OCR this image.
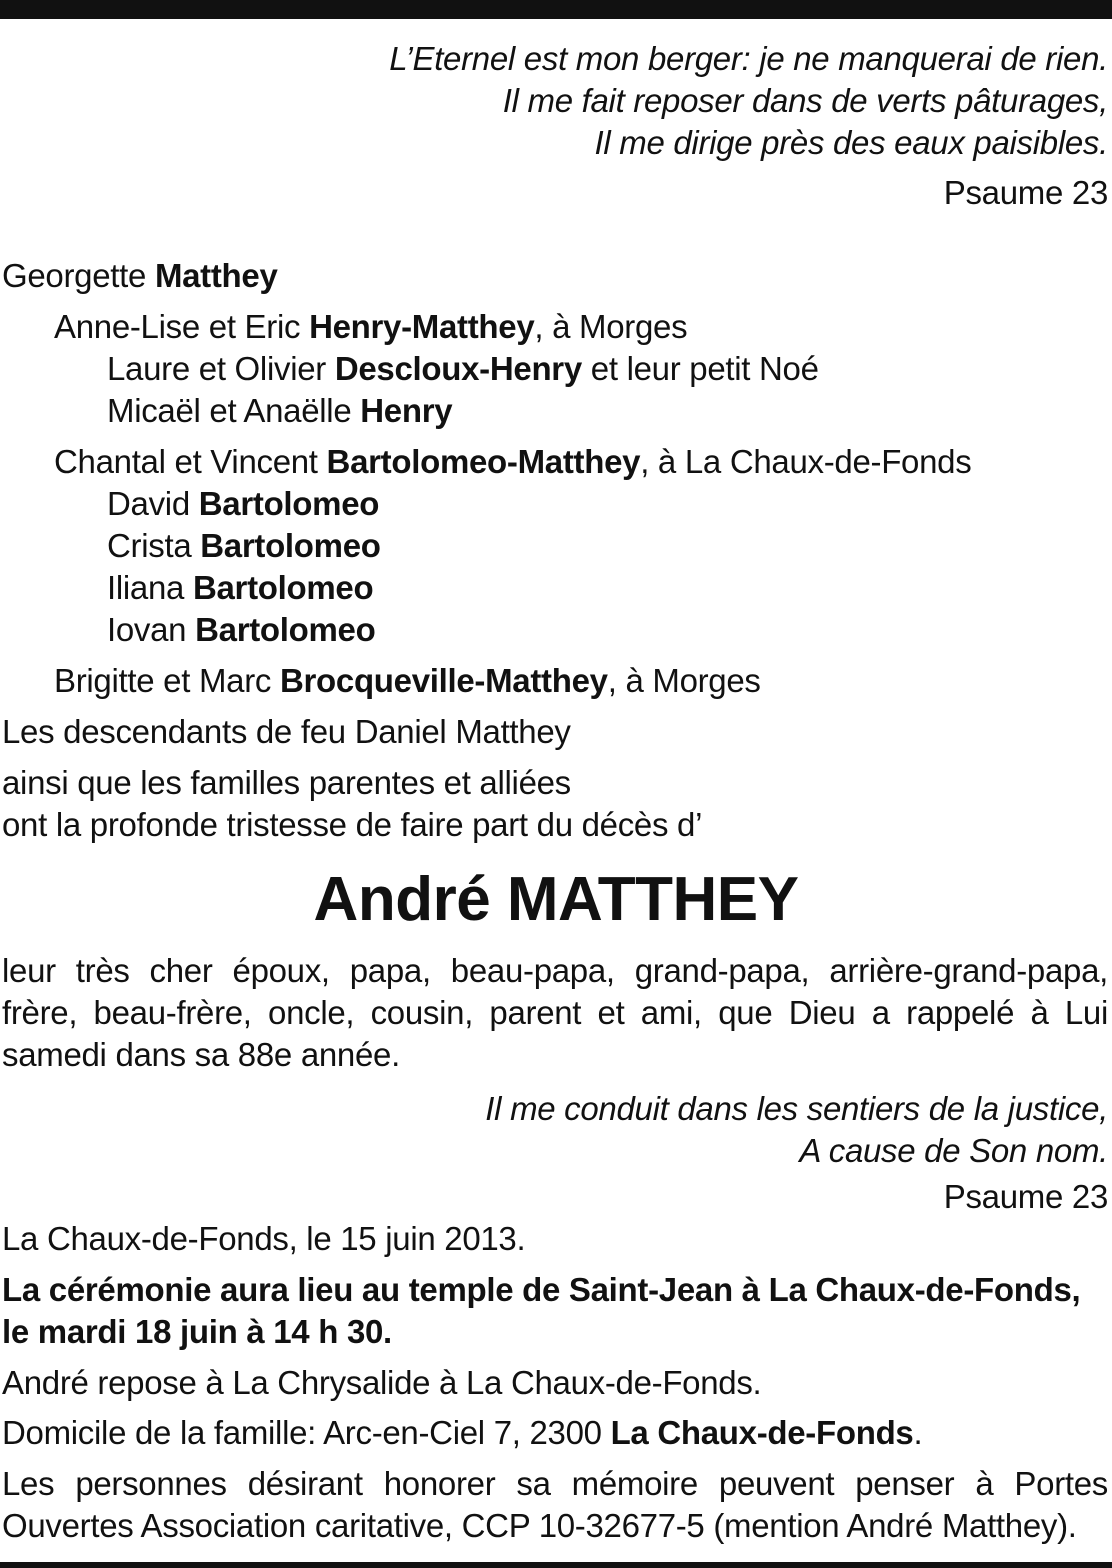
L’Eternel est mon berger: je ne manquerai de rien.
Il me fait reposer dans de verts pâturages,
Il me dirige près des eaux paisibles.
Psaume 23
Georgette Matthey
Anne-Lise et Eric Henry-Matthey, à Morges
Laure et Olivier Descloux-Henry et leur petit Noé
Micaël et Anaëlle Henry
Chantal et Vincent Bartolomeo-Matthey, à La Chaux-de-Fonds
David Bartolomeo
Crista Bartolomeo
Iliana Bartolomeo
Iovan Bartolomeo
Brigitte et Marc Brocqueville-Matthey, à Morges
Les descendants de feu Daniel Matthey
ainsi que les familles parentes et alliées
ont la profonde tristesse de faire part du décès d’
André MATTHEY
leur très cher époux, papa, beau-papa, grand-papa, arrière-grand-papa,
frère, beau-frère, oncle, cousin, parent et ami, que Dieu a rappelé à Lui
samedi dans sa 88e année.
Il me conduit dans les sentiers de la justice,
A cause de Son nom.
Psaume 23
La Chaux-de-Fonds, le 15 juin 2013.
La cérémonie aura lieu au temple de Saint-Jean à La Chaux-de-Fonds,
le mardi 18 juin à 14 h 30.
André repose à La Chrysalide à La Chaux-de-Fonds.
Domicile de la famille: Arc-en-Ciel 7, 2300 La Chaux-de-Fonds.
Les personnes désirant honorer sa mémoire peuvent penser à Portes
Ouvertes Association caritative, CCP 10-32677-5 (mention André Matthey).
